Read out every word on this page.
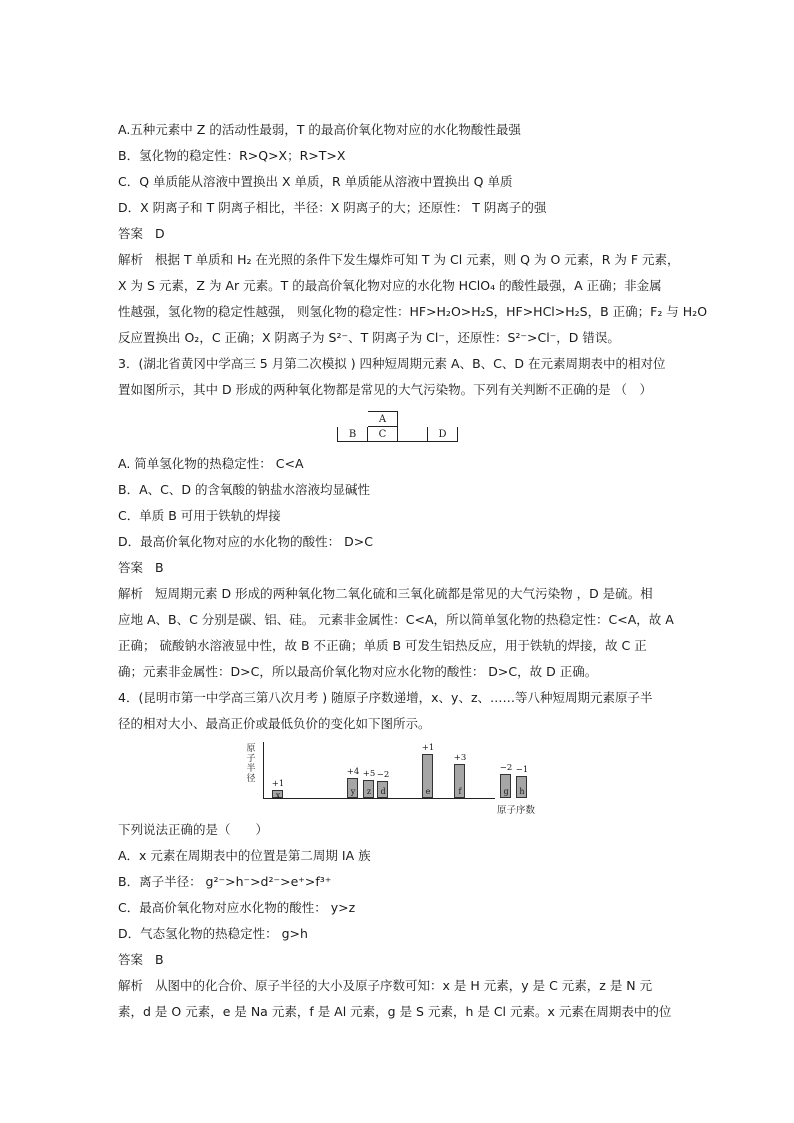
A.五种元素中 Z 的活动性最弱，T 的最高价氧化物对应的水化物酸性最强
B．氢化物的稳定性：R>Q>X；R>T>X
C．Q 单质能从溶液中置换出 X 单质，R 单质能从溶液中置换出 Q 单质
D．X 阴离子和 T 阴离子相比，半径：X 阴离子的大；还原性： T 阴离子的强
答案 D
解析 根据 T 单质和 H₂ 在光照的条件下发生爆炸可知 T 为 Cl 元素，则 Q 为 O 元素，R 为 F 元素，
X 为 S 元素，Z 为 Ar 元素。T 的最高价氧化物对应的水化物 HClO₄ 的酸性最强，A 正确；非金属
性越强，氢化物的稳定性越强， 则氢化物的稳定性：HF>H₂O>H₂S，HF>HCl>H₂S，B 正确；F₂ 与 H₂O
反应置换出 O₂，C 正确；X 阴离子为 S²⁻、T 阴离子为 Cl⁻，还原性：S²⁻>Cl⁻，D 错误。
3．(湖北省黄冈中学高三 5 月第二次模拟 ) 四种短周期元素 A、B、C、D 在元素周期表中的相对位
置如图所示，其中 D 形成的两种氧化物都是常见的大气污染物。下列有关判断不正确的是 （　）
	A		
B	C		D
A. 简单氢化物的热稳定性： C<A
B．A、C、D 的含氧酸的钠盐水溶液均显碱性
C．单质 B 可用于铁轨的焊接
D．最高价氧化物对应的水化物的酸性： D>C
答案 B
解析 短周期元素 D 形成的两种氧化物二氧化硫和三氧化硫都是常见的大气污染物 ，D 是硫。相
应地 A、B、C 分别是碳、铝、硅。 元素非金属性：C<A，所以简单氢化物的热稳定性：C<A，故 A
正确； 硫酸钠水溶液显中性，故 B 不正确；单质 B 可发生铝热反应，用于铁轨的焊接，故 C 正
确；元素非金属性：D>C，所以最高价氧化物对应水化物的酸性： D>C，故 D 正确。
4．(昆明市第一中学高三第八次月考 ) 随原子序数递增，x、y、z、……等八种短周期元素原子半
径的相对大小、最高正价或最低负价的变化如下图所示。
原子半径
原子序数
x
+1
y
+4
z
+5
d
−2
e
+1
f
+3
g
−2
h
−1
下列说法正确的是（　　）
A．x 元素在周期表中的位置是第二周期 ⅠA 族
B．离子半径： g²⁻>h⁻>d²⁻>e⁺>f³⁺
C．最高价氧化物对应水化物的酸性： y>z
D．气态氢化物的热稳定性： g>h
答案 B
解析 从图中的化合价、原子半径的大小及原子序数可知：x 是 H 元素，y 是 C 元素，z 是 N 元
素，d 是 O 元素，e 是 Na 元素，f 是 Al 元素，g 是 S 元素，h 是 Cl 元素。x 元素在周期表中的位
